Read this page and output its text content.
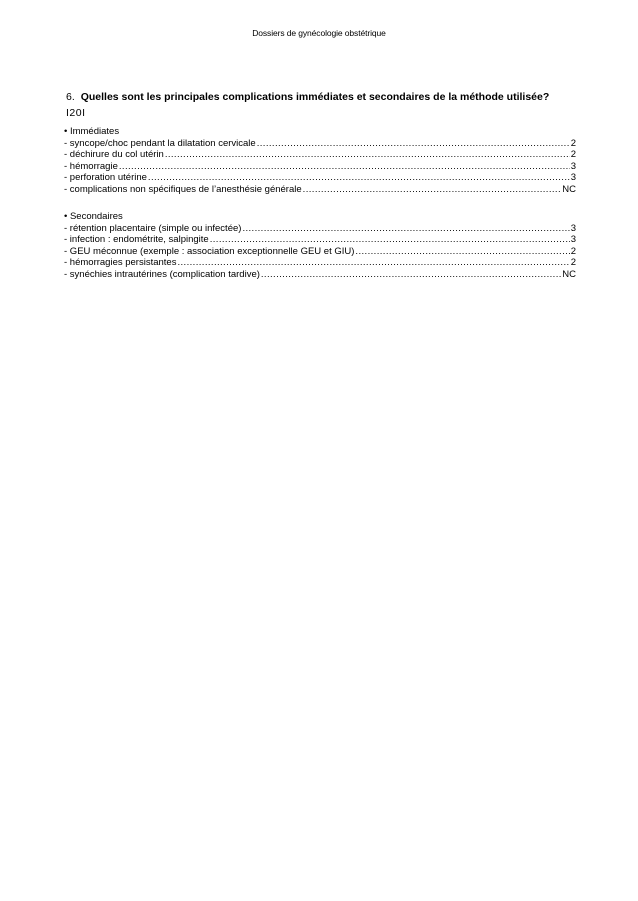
Dossiers de gynécologie obstétrique
6. Quelles sont les principales complications immédiates et secondaires de la méthode utilisée?
I20I
• Immédiates
- syncope/choc pendant la dilatation cervicale .....	2
- déchirure du col utérin .....	2
- hémorragie .....	3
- perforation utérine .....	3
- complications non spécifiques de l’anesthésie générale .....	NC
• Secondaires
- rétention placentaire (simple ou infectée) .....	3
- infection : endométrite, salpingite .....	3
- GEU méconnue (exemple : association exceptionnelle GEU et GIU) .....	2
- hémorragies persistantes .....	2
- synéchies intrautérines (complication tardive) .....	NC
